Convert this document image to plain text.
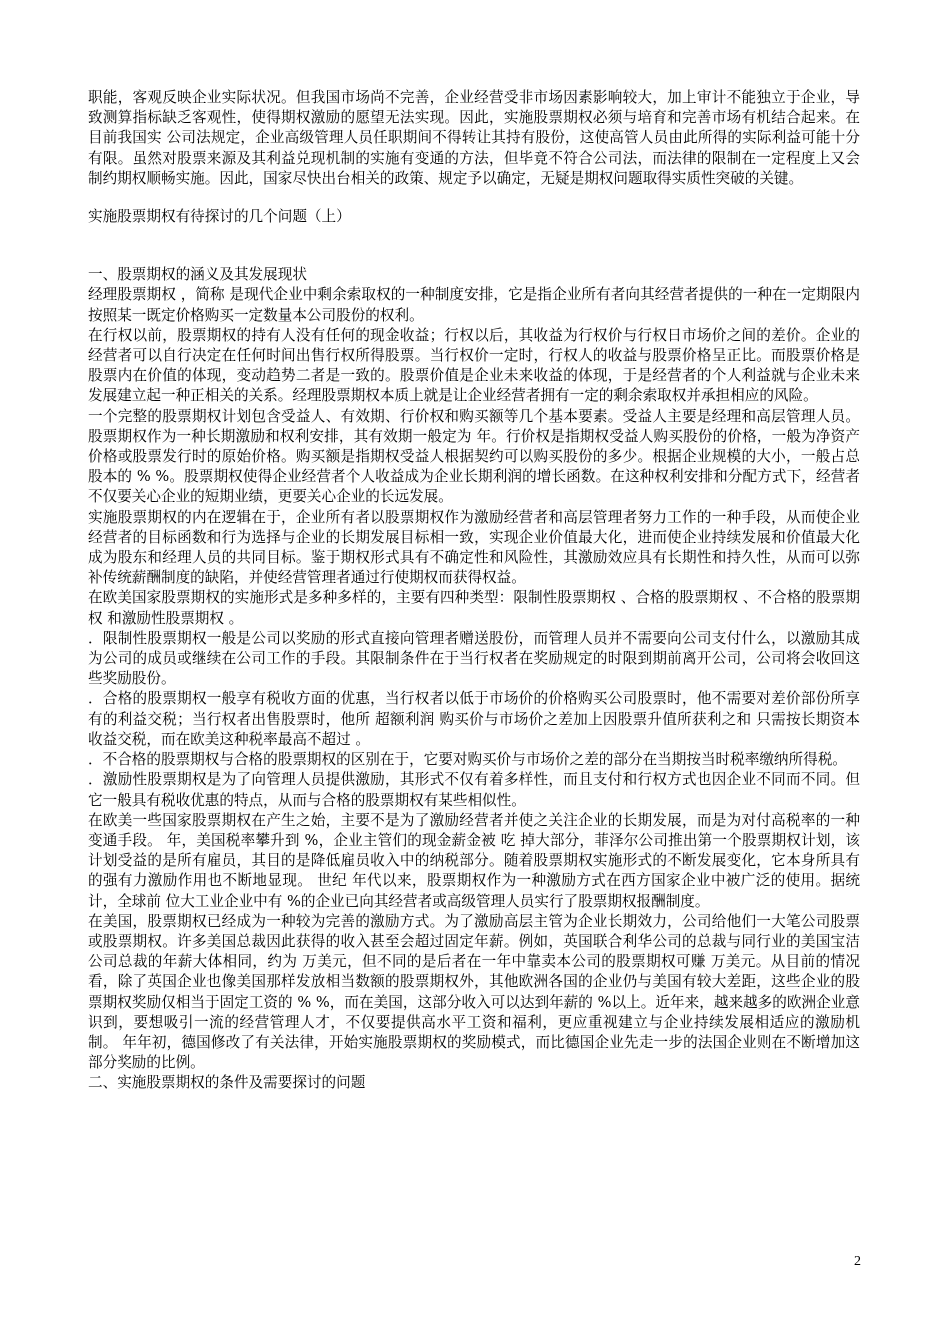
职能，客观反映企业实际状况。但我国市场尚不完善，企业经营受非市场因素影响较大，加上审计不能独立于企业，导致测算指标缺乏客观性，使得期权激励的愿望无法实现。因此，实施股票期权必须与培育和完善市场有机结合起来。在目前我国实 公司法规定，企业高级管理人员任职期间不得转让其持有股份，这使高管人员由此所得的实际利益可能十分有限。虽然对股票来源及其利益兑现机制的实施有变通的方法，但毕竟不符合公司法，而法律的限制在一定程度上又会制约期权顺畅实施。因此，国家尽快出台相关的政策、规定予以确定，无疑是期权问题取得实质性突破的关键。

实施股票期权有待探讨的几个问题（上）

一、股票期权的涵义及其发展现状

经理股票期权 ，简称 是现代企业中剩余索取权的一种制度安排，它是指企业所有者向其经营者提供的一种在一定期限内按照某一既定价格购买一定数量本公司股份的权利。

在行权以前，股票期权的持有人没有任何的现金收益；行权以后，其收益为行权价与行权日市场价之间的差价。企业的经营者可以自行决定在任何时间出售行权所得股票。当行权价一定时，行权人的收益与股票价格呈正比。而股票价格是股票内在价值的体现，变动趋势二者是一致的。股票价值是企业未来收益的体现，于是经营者的个人利益就与企业未来发展建立起一种正相关的关系。经理股票期权本质上就是让企业经营者拥有一定的剩余索取权并承担相应的风险。

一个完整的股票期权计划包含受益人、有效期、行价权和购买额等几个基本要素。受益人主要是经理和高层管理人员。股票期权作为一种长期激励和权利安排，其有效期一般定为 年。行价权是指期权受益人购买股份的价格，一般为净资产价格或股票发行时的原始价格。购买额是指期权受益人根据契约可以购买股份的多少。根据企业规模的大小，一般占总股本的 % %。股票期权使得企业经营者个人收益成为企业长期利润的增长函数。在这种权利安排和分配方式下，经营者不仅要关心企业的短期业绩，更要关心企业的长远发展。

实施股票期权的内在逻辑在于，企业所有者以股票期权作为激励经营者和高层管理者努力工作的一种手段，从而使企业经营者的目标函数和行为选择与企业的长期发展目标相一致，实现企业价值最大化，进而使企业持续发展和价值最大化成为股东和经理人员的共同目标。鉴于期权形式具有不确定性和风险性，其激励效应具有长期性和持久性，从而可以弥补传统薪酬制度的缺陷，并使经营管理者通过行使期权而获得权益。

在欧美国家股票期权的实施形式是多种多样的，主要有四种类型：限制性股票期权 、合格的股票期权 、不合格的股票期权 和激励性股票期权 。

．限制性股票期权一般是公司以奖励的形式直接向管理者赠送股份，而管理人员并不需要向公司支付什么，以激励其成为公司的成员或继续在公司工作的手段。其限制条件在于当行权者在奖励规定的时限到期前离开公司，公司将会收回这些奖励股份。

．合格的股票期权一般享有税收方面的优惠，当行权者以低于市场价的价格购买公司股票时，他不需要对差价部份所享有的利益交税；当行权者出售股票时，他所 超额利润 购买价与市场价之差加上因股票升值所获利之和 只需按长期资本收益交税，而在欧美这种税率最高不超过 。

．不合格的股票期权与合格的股票期权的区别在于，它要对购买价与市场价之差的部分在当期按当时税率缴纳所得税。

．激励性股票期权是为了向管理人员提供激励，其形式不仅有着多样性，而且支付和行权方式也因企业不同而不同。但它一般具有税收优惠的特点，从而与合格的股票期权有某些相似性。

在欧美一些国家股票期权在产生之始，主要不是为了激励经营者并使之关注企业的长期发展，而是为对付高税率的一种变通手段。 年，美国税率攀升到 %，企业主管们的现金薪金被 吃 掉大部分，菲泽尔公司推出第一个股票期权计划，该计划受益的是所有雇员，其目的是降低雇员收入中的纳税部分。随着股票期权实施形式的不断发展变化，它本身所具有的强有力激励作用也不断地显现。 世纪 年代以来，股票期权作为一种激励方式在西方国家企业中被广泛的使用。据统计，全球前 位大工业企业中有 %的企业已向其经营者或高级管理人员实行了股票期权报酬制度。

在美国，股票期权已经成为一种较为完善的激励方式。为了激励高层主管为企业长期效力，公司给他们一大笔公司股票或股票期权。许多美国总裁因此获得的收入甚至会超过固定年薪。例如，英国联合利华公司的总裁与同行业的美国宝洁公司总裁的年薪大体相同，约为 万美元，但不同的是后者在一年中靠卖本公司的股票期权可赚 万美元。从目前的情况看，除了英国企业也像美国那样发放相当数额的股票期权外，其他欧洲各国的企业仍与美国有较大差距，这些企业的股票期权奖励仅相当于固定工资的 % %，而在美国，这部分收入可以达到年薪的 %以上。近年来，越来越多的欧洲企业意识到，要想吸引一流的经营管理人才，不仅要提供高水平工资和福利，更应重视建立与企业持续发展相适应的激励机制。 年年初，德国修改了有关法律，开始实施股票期权的奖励模式，而比德国企业先走一步的法国企业则在不断增加这部分奖励的比例。

二、实施股票期权的条件及需要探讨的问题

2
